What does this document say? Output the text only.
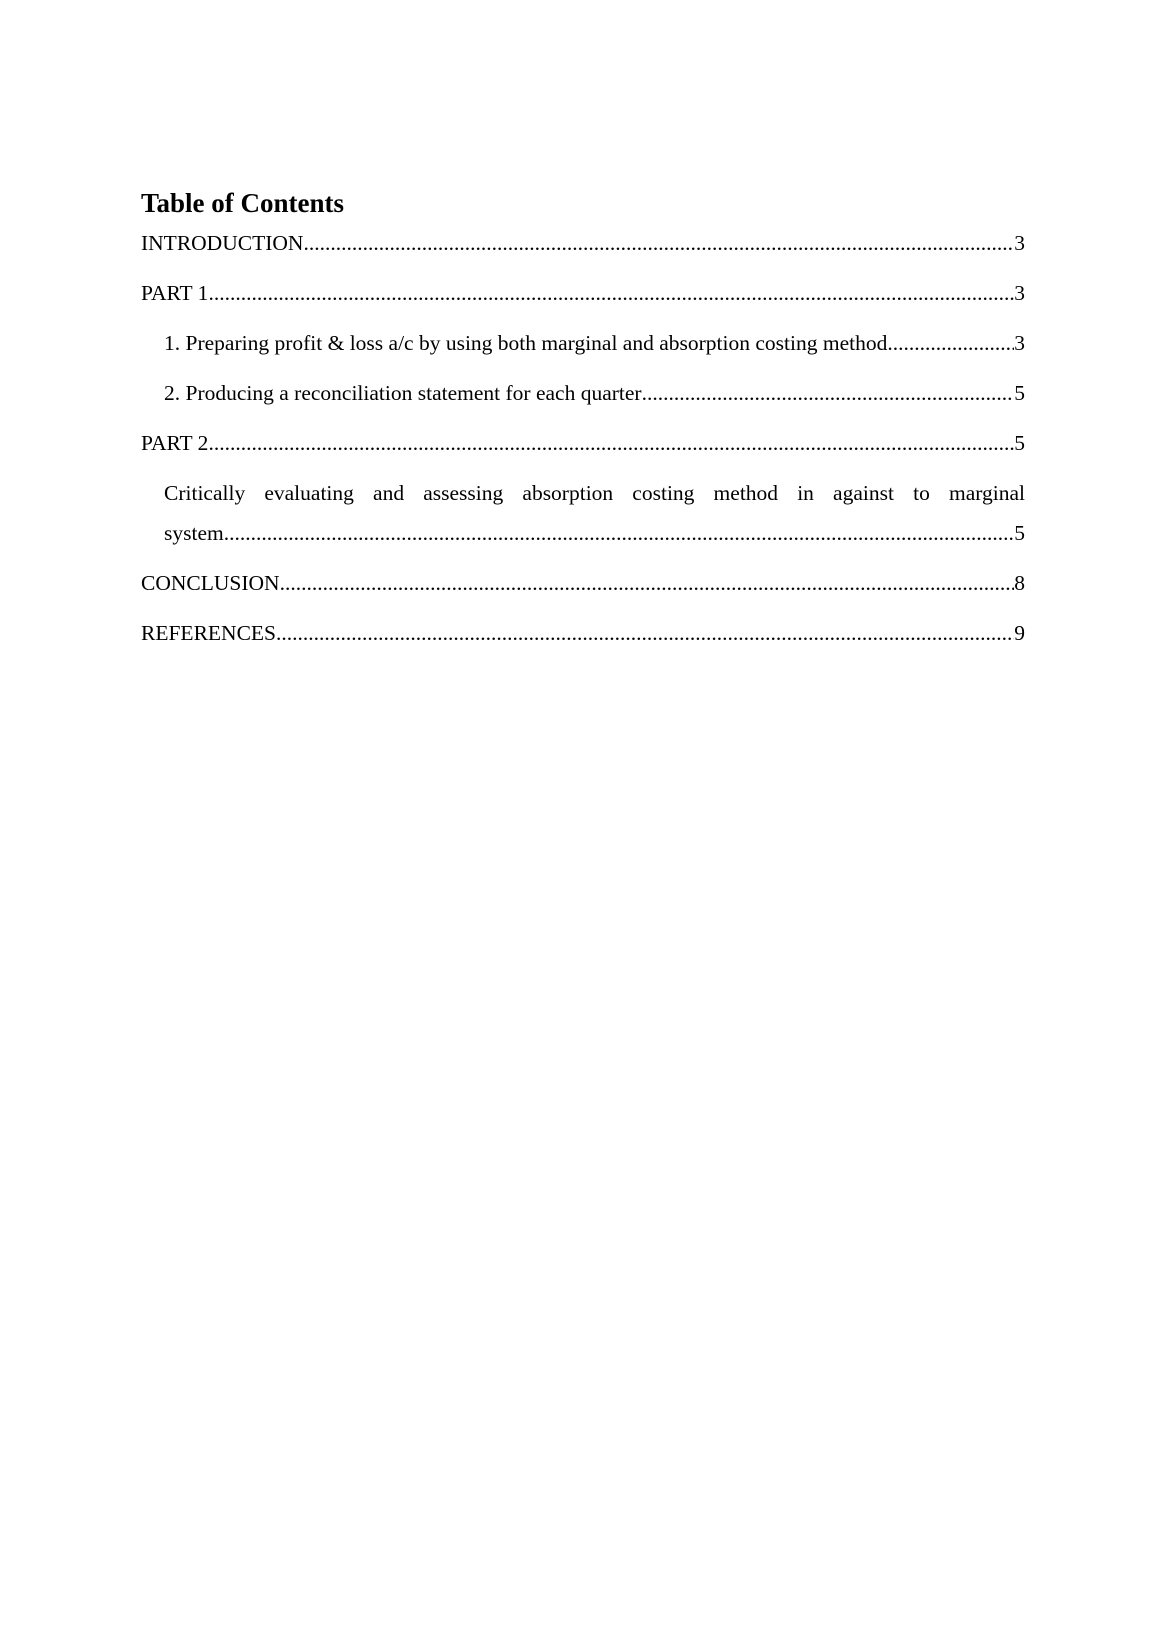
Table of Contents
INTRODUCTION .....	3
PART 1 .....	3
1. Preparing profit & loss a/c by using both marginal and absorption costing method .....	3
2. Producing a reconciliation statement for each quarter .....	5
PART 2 .....	5
Critically evaluating and assessing absorption costing method in against to marginal
system .....	5
CONCLUSION .....	8
REFERENCES .....	9
